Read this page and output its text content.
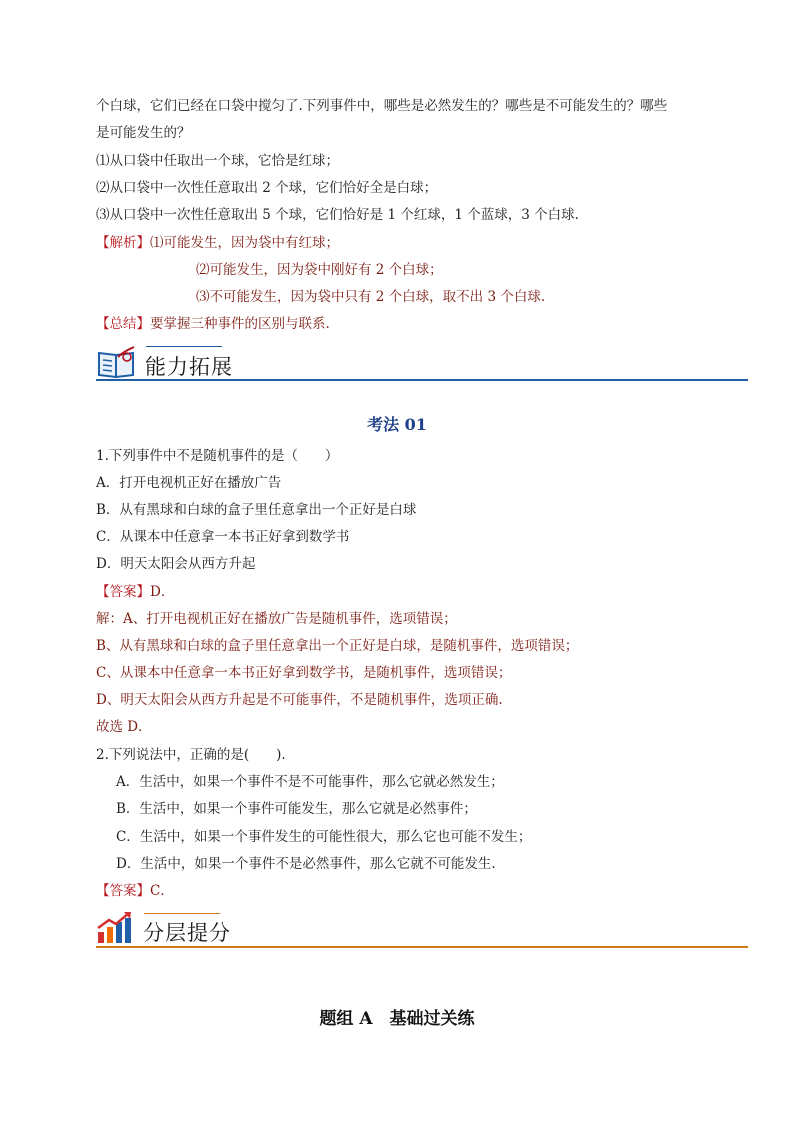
个白球，它们已经在口袋中搅匀了.下列事件中，哪些是必然发生的？哪些是不可能发生的？哪些
是可能发生的？
⑴从口袋中任取出一个球，它恰是红球；
⑵从口袋中一次性任意取出 2 个球，它们恰好全是白球；
⑶从口袋中一次性任意取出 5 个球，它们恰好是 1 个红球，1 个蓝球，3 个白球.
【解析】⑴可能发生，因为袋中有红球；
⑵可能发生，因为袋中刚好有 2 个白球；
⑶不可能发生，因为袋中只有 2 个白球，取不出 3 个白球.
【总结】要掌握三种事件的区别与联系.
能力拓展
考法 01
1.下列事件中不是随机事件的是（　　）
A．打开电视机正好在播放广告
B．从有黑球和白球的盒子里任意拿出一个正好是白球
C．从课本中任意拿一本书正好拿到数学书
D．明天太阳会从西方升起
【答案】D．
解：A、打开电视机正好在播放广告是随机事件，选项错误；
B、从有黑球和白球的盒子里任意拿出一个正好是白球，是随机事件，选项错误；
C、从课本中任意拿一本书正好拿到数学书，是随机事件，选项错误；
D、明天太阳会从西方升起是不可能事件，不是随机事件，选项正确.
故选 D．
2.下列说法中，正确的是(　　).
A．生活中，如果一个事件不是不可能事件，那么它就必然发生；
B．生活中，如果一个事件可能发生，那么它就是必然事件；
C．生活中，如果一个事件发生的可能性很大，那么它也可能不发生；
D．生活中，如果一个事件不是必然事件，那么它就不可能发生.
【答案】C．
分层提分
题组 A　基础过关练
